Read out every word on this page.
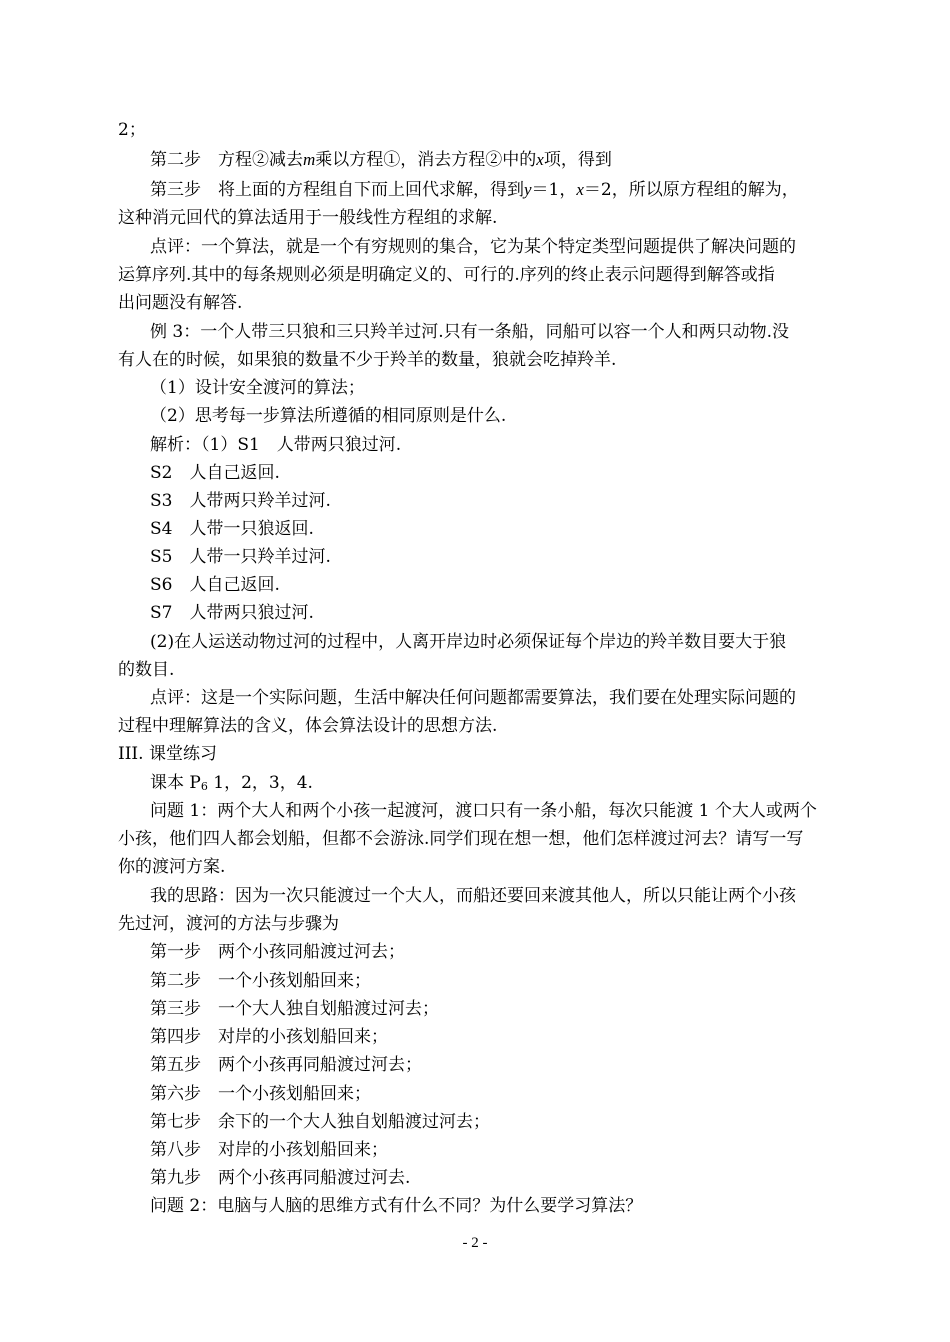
2；
第二步　方程②减去m乘以方程①，消去方程②中的x项，得到
第三步　将上面的方程组自下而上回代求解，得到y＝1，x＝2，所以原方程组的解为，
这种消元回代的算法适用于一般线性方程组的求解.
点评：一个算法，就是一个有穷规则的集合，它为某个特定类型问题提供了解决问题的
运算序列.其中的每条规则必须是明确定义的、可行的.序列的终止表示问题得到解答或指
出问题没有解答.
例 3：一个人带三只狼和三只羚羊过河.只有一条船，同船可以容一个人和两只动物.没
有人在的时候，如果狼的数量不少于羚羊的数量，狼就会吃掉羚羊.
（1）设计安全渡河的算法；
（2）思考每一步算法所遵循的相同原则是什么.
解析：（1）S1　人带两只狼过河.
S2　人自己返回.
S3　人带两只羚羊过河.
S4　人带一只狼返回.
S5　人带一只羚羊过河.
S6　人自己返回.
S7　人带两只狼过河.
(2)在人运送动物过河的过程中，人离开岸边时必须保证每个岸边的羚羊数目要大于狼
的数目.
点评：这是一个实际问题，生活中解决任何问题都需要算法，我们要在处理实际问题的
过程中理解算法的含义，体会算法设计的思想方法.
III. 课堂练习
课本 P6 1，2，3，4.
问题 1：两个大人和两个小孩一起渡河，渡口只有一条小船，每次只能渡 1 个大人或两个
小孩，他们四人都会划船，但都不会游泳.同学们现在想一想，他们怎样渡过河去？请写一写
你的渡河方案.
我的思路：因为一次只能渡过一个大人，而船还要回来渡其他人，所以只能让两个小孩
先过河，渡河的方法与步骤为
第一步　两个小孩同船渡过河去；
第二步　一个小孩划船回来；
第三步　一个大人独自划船渡过河去；
第四步　对岸的小孩划船回来；
第五步　两个小孩再同船渡过河去；
第六步　一个小孩划船回来；
第七步　余下的一个大人独自划船渡过河去；
第八步　对岸的小孩划船回来；
第九步　两个小孩再同船渡过河去.
问题 2：电脑与人脑的思维方式有什么不同？为什么要学习算法？
- 2 -
